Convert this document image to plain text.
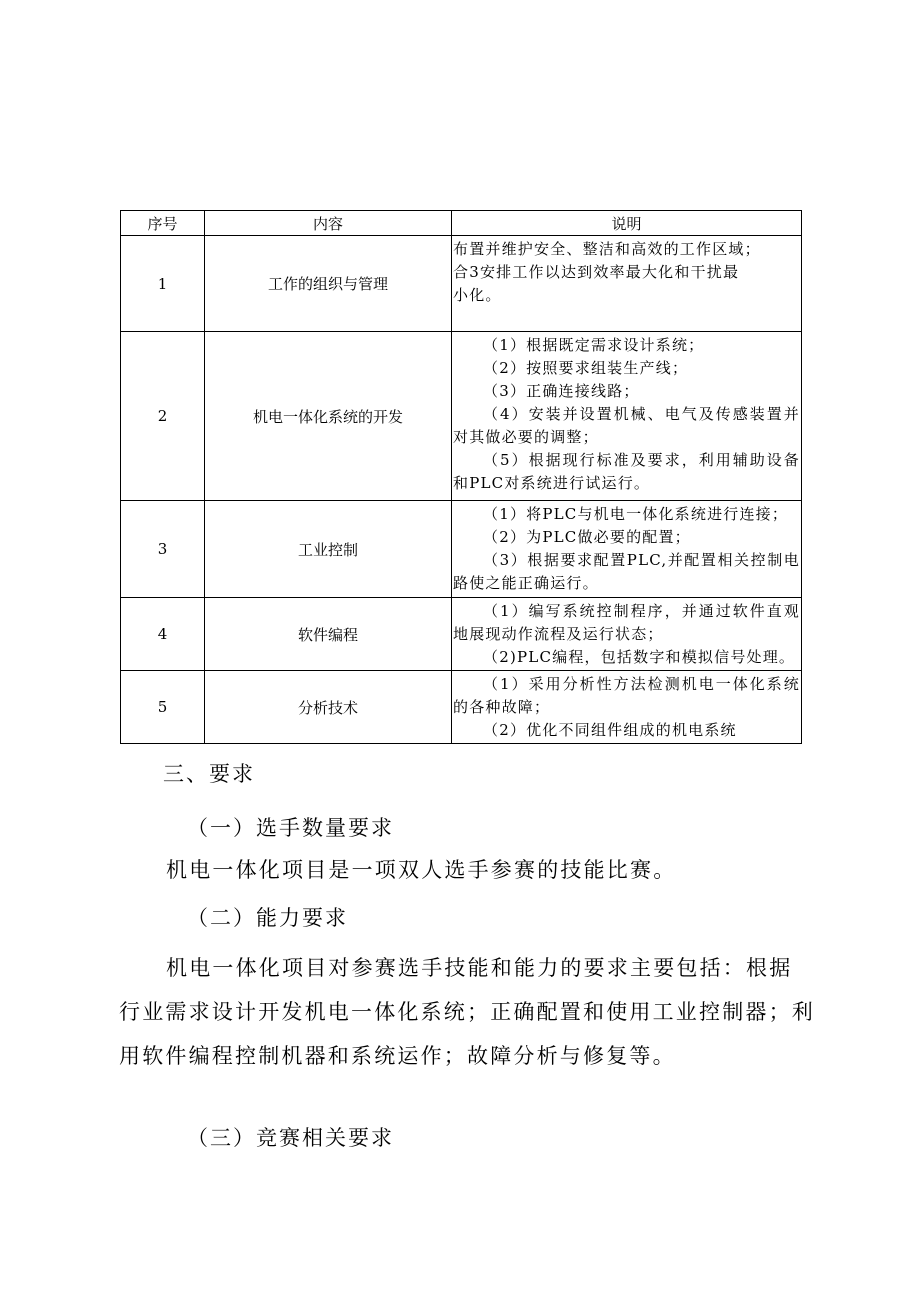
序号	内容	说明
1	工作的组织与管理	布置并维护安全、整洁和高效的工作区域；
合3安排工作以达到效率最大化和干扰最
小化。

2	机电一体化系统的开发	（1）根据既定需求设计系统；
（2）按照要求组装生产线；
（3）正确连接线路；
（4）安装并设置机械、电气及传感装置并对其做必要的调整；
（5）根据现行标准及要求，利用辅助设备和PLC对系统进行试运行。

3	工业控制	（1）将PLC与机电一体化系统进行连接；
（2）为PLC做必要的配置；
（3）根据要求配置PLC,并配置相关控制电路使之能正确运行。

4	软件编程	（1）编写系统控制程序，并通过软件直观地展现动作流程及运行状态；
（2)PLC编程，包括数字和模拟信号处理。

5	分析技术	（1）采用分析性方法检测机电一体化系统的各种故障；
（2）优化不同组件组成的机电系统
三、要求
（一）选手数量要求
机电一体化项目是一项双人选手参赛的技能比赛。
（二）能力要求
机电一体化项目对参赛选手技能和能力的要求主要包括：根据
行业需求设计开发机电一体化系统；正确配置和使用工业控制器；利
用软件编程控制机器和系统运作；故障分析与修复等。
（三）竞赛相关要求
